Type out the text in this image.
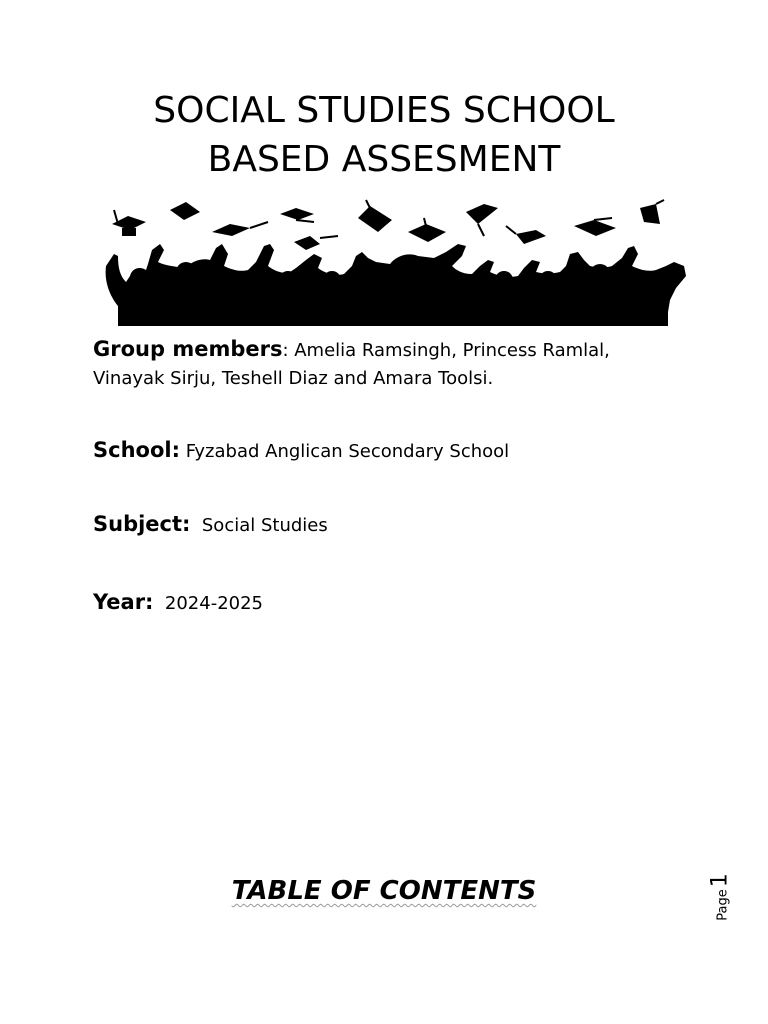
SOCIAL STUDIES SCHOOL
BASED ASSESMENT
Group members: Amelia Ramsingh, Princess Ramlal, Vinayak Sirju, Teshell Diaz and Amara Toolsi.
School: Fyzabad Anglican Secondary School
Subject:  Social Studies
Year:  2024-2025
TABLE OF CONTENTS	Page1
